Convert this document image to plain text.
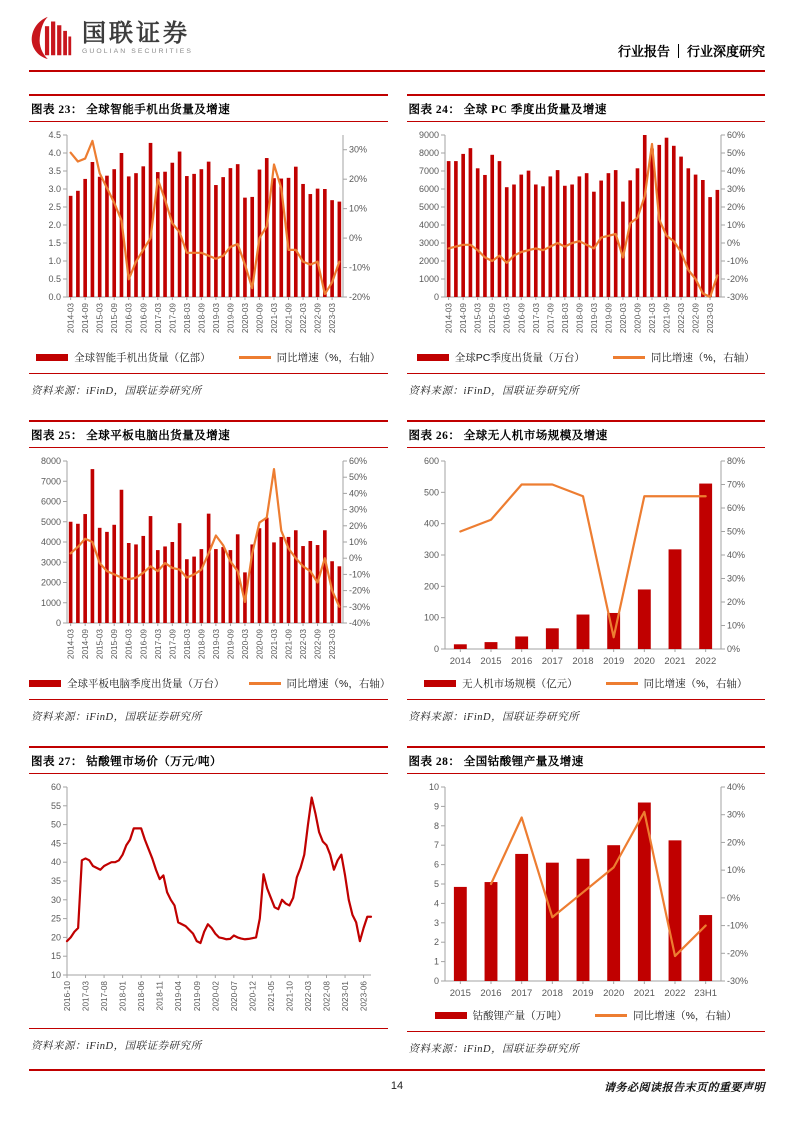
国联证券
GUOLIAN SECURITIES	行业报告 行业深度研究
图表 23： 全球智能手机出货量及增速
0.0
0.5
1.0
1.5
2.0
2.5
3.0
3.5
4.0
4.5
30%
20%
10%
0%
-10%
-20%
2014-03 2014-09 2015-03 2015-09 2016-03 2016-09 2017-03 2017-09 2018-03 2018-09 2019-03 2019-09 2020-03 2020-09 2021-03 2021-09 2022-03 2022-09 2023-03
全球智能手机出货量（亿部）	同比增速（%，右轴）
资料来源：iFinD，国联证券研究所
图表 24： 全球 PC 季度出货量及增速
0
1000
2000
3000
4000
5000
6000
7000
8000
9000	60%
50%
40%
30%
20%
10%
0%
-10%
-20%
-30%
2014-03 2014-09 2015-03 2015-09 2016-03 2016-09 2017-03 2017-09 2018-03 2018-09 2019-03 2019-09 2020-03 2020-09 2021-03 2021-09 2022-03 2022-09 2023-03
全球PC季度出货量（万台）	同比增速（%，右轴）
资料来源：iFinD，国联证券研究所
图表 25： 全球平板电脑出货量及增速
0
1000
2000
3000
4000
5000
6000
7000
8000	60%
50%
40%
30%
20%
10%
0%
-10%
-20%
-30%
-40%
2014-03 2014-09 2015-03 2015-09 2016-03 2016-09 2017-03 2017-09 2018-03 2018-09 2019-03 2019-09 2020-03 2020-09 2021-03 2021-09 2022-03 2022-09 2023-03
全球平板电脑季度出货量（万台）	同比增速（%，右轴）
资料来源：iFinD，国联证券研究所
图表 26： 全球无人机市场规模及增速
0
100
200
300
400
500
600	80%
70%
60%
50%
40%
30%
20%
10%
0%
2014 2015 2016 2017 2018 2019 2020 2021 2022
无人机市场规模（亿元）	同比增速（%，右轴）
资料来源：iFinD，国联证券研究所
图表 27： 钴酸锂市场价（万元/吨）
10
15
20
25
30
35
40
45
50
55
60
2016-10 2017-03 2017-08 2018-01 2018-06 2018-11 2019-04 2019-09 2020-02 2020-07 2020-12 2021-05 2021-10 2022-03 2022-08 2023-01 2023-06
资料来源：iFinD，国联证券研究所
图表 28： 全国钴酸锂产量及增速
0
1
2
3
4
5
6
7
8
9
10	40%
30%
20%
10%
0%
-10%
-20%
-30%
2015 2016 2017 2018 2019 2020 2021 2022 23H1
钴酸锂产量（万吨）	同比增速（%，右轴）
资料来源：iFinD，国联证券研究所
14	请务必阅读报告末页的重要声明
